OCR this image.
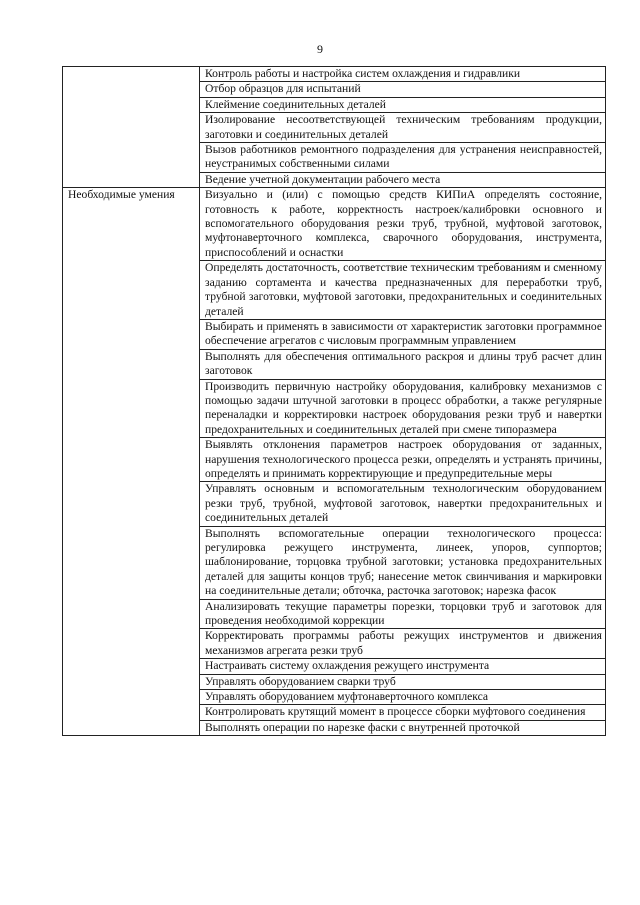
9
	Контроль работы и настройка систем охлаждения и гидравлики
	Отбор образцов для испытаний
	Клеймение соединительных деталей
	Изолирование несоответствующей техническим требованиям продукции, заготовки и соединительных деталей
	Вызов работников ремонтного подразделения для устранения неисправностей, неустранимых собственными силами
	Ведение учетной документации рабочего места
Необходимые умения	Визуально и (или) с помощью средств КИПиА определять состояние, готовность к работе, корректность настроек/калибровки основного и вспомогательного оборудования резки труб, трубной, муфтовой заготовок, муфтонаверточного комплекса, сварочного оборудования, инструмента, приспособлений и оснастки
	Определять достаточность, соответствие техническим требованиям и сменному заданию сортамента и качества предназначенных для переработки труб, трубной заготовки, муфтовой заготовки, предохранительных и соединительных деталей
	Выбирать и применять в зависимости от характеристик заготовки программное обеспечение агрегатов с числовым программным управлением
	Выполнять для обеспечения оптимального раскроя и длины труб расчет длин заготовок
	Производить первичную настройку оборудования, калибровку механизмов с помощью задачи штучной заготовки в процесс обработки, а также регулярные переналадки и корректировки настроек оборудования резки труб и навертки предохранительных и соединительных деталей при смене типоразмера
	Выявлять отклонения параметров настроек оборудования от заданных, нарушения технологического процесса резки, определять и устранять причины, определять и принимать корректирующие и предупредительные меры
	Управлять основным и вспомогательным технологическим оборудованием резки труб, трубной, муфтовой заготовок, навертки предохранительных и соединительных деталей
	Выполнять вспомогательные операции технологического процесса: регулировка режущего инструмента, линеек, упоров, суппортов; шаблонирование, торцовка трубной заготовки; установка предохранительных деталей для защиты концов труб; нанесение меток свинчивания и маркировки на соединительные детали; обточка, расточка заготовок; нарезка фасок
	Анализировать текущие параметры порезки, торцовки труб и заготовок для проведения необходимой коррекции
	Корректировать программы работы режущих инструментов и движения механизмов агрегата резки труб
	Настраивать систему охлаждения режущего инструмента
	Управлять оборудованием сварки труб
	Управлять оборудованием муфтонаверточного комплекса
	Контролировать крутящий момент в процессе сборки муфтового соединения
	Выполнять операции по нарезке фаски с внутренней проточкой
